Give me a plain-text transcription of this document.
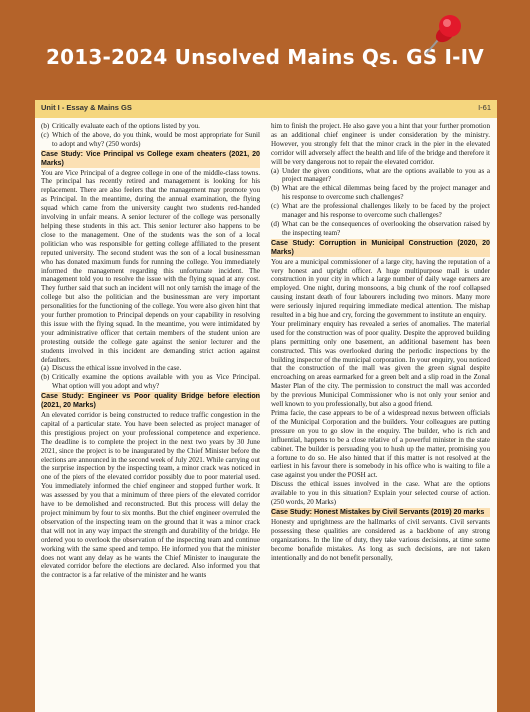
2013-2024 Unsolved Mains Qs. GS I-IV
Unit I - Essay & Mains GS	I-61
(b) Critically evaluate each of the options listed by you.
(c) Which of the above, do you think, would be most appropriate for Sunil to adopt and why? (250 words)
Case Study: Vice Principal vs College exam cheaters (2021, 20 Marks)

You are Vice Principal of a degree college in one of the middle-class towns. The principal has recently retired and management is looking for his replacement. There are also feelers that the management may promote you as Principal. In the meantime, during the annual examination, the flying squad which came from the university caught two students red-handed involving in unfair means. A senior lecturer of the college was personally helping these students in this act. This senior lecturer also happens to be close to the management. One of the students was the son of a local politician who was responsible for getting college affiliated to the present reputed university. The second student was the son of a local businessman who has donated maximum funds for running the college. You immediately informed the management regarding this unfortunate incident. The management told you to resolve the issue with the flying squad at any cost. They further said that such an incident will not only tarnish the image of the college but also the politician and the businessman are very important personalities for the functioning of the college. You were also given hint that your further promotion to Principal depends on your capability in resolving this issue with the flying squad. In the meantime, you were intimidated by your administrative officer that certain members of the student union are protesting outside the college gate against the senior lecturer and the students involved in this incident are demanding strict action against defaulters.

(a) Discuss the ethical issue involved in the case.
(b) Critically examine the options available with you as Vice Principal. What option will you adopt and why?
Case Study: Engineer vs Poor quality Bridge before election (2021, 20 Marks)

An elevated corridor is being constructed to reduce traffic congestion in the capital of a particular state. You have been selected as project manager of this prestigious project on your professional competence and experience. The deadline is to complete the project in the next two years by 30 June 2021, since the project is to be inaugurated by the Chief Minister before the elections are announced in the second week of July 2021. While carrying out the surprise inspection by the inspecting team, a minor crack was noticed in one of the piers of the elevated corridor possibly due to poor material used. You immediately informed the chief engineer and stopped further work. It was assessed by you that a minimum of three piers of the elevated corridor have to be demolished and reconstructed. But this process will delay the project minimum by four to six months. But the chief engineer overruled the observation of the inspecting team on the ground that it was a minor crack that will not in any way impact the strength and durability of the bridge. He ordered you to overlook the observation of the inspecting team and continue working with the same speed and tempo. He informed you that the minister does not want any delay as he wants the Chief Minister to inaugurate the elevated corridor before the elections are declared. Also informed you that the contractor is a far relative of the minister and he wants

him to finish the project. He also gave you a hint that your further promotion as an additional chief engineer is under consideration by the ministry. However, you strongly felt that the minor crack in the pier in the elevated corridor will adversely affect the health and life of the bridge and therefore it will be very dangerous not to repair the elevated corridor.

(a) Under the given conditions, what are the options available to you as a project manager?
(b) What are the ethical dilemmas being faced by the project manager and his response to overcome such challenges?
(c) What are the professional challenges likely to be faced by the project manager and his response to overcome such challenges?
(d) What can be the consequences of overlooking the observation raised by the inspecting team?
Case Study: Corruption in Municipal Construction (2020, 20 Marks)

You are a municipal commissioner of a large city, having the reputation of a very honest and upright officer. A huge multipurpose mall is under construction in your city in which a large number of daily wage earners are employed. One night, during monsoons, a big chunk of the roof collapsed causing instant death of four labourers including two minors. Many more were seriously injured requiring immediate medical attention. The mishap resulted in a big hue and cry, forcing the government to institute an enquiry.

Your preliminary enquiry has revealed a series of anomalies. The material used for the construction was of poor quality. Despite the approved building plans permitting only one basement, an additional basement has been constructed. This was overlooked during the periodic inspections by the building inspector of the municipal corporation. In your enquiry, you noticed that the construction of the mall was given the green signal despite encroaching on areas earmarked for a green belt and a slip road in the Zonal Master Plan of the city. The permission to construct the mall was accorded by the previous Municipal Commissioner who is not only your senior and well known to you professionally, but also a good friend.

Prima facie, the case appears to be of a widespread nexus between officials of the Municipal Corporation and the builders. Your colleagues are putting pressure on you to go slow in the enquiry. The builder, who is rich and influential, happens to be a close relative of a powerful minister in the state cabinet. The builder is persuading you to hush up the matter, promising you a fortune to do so. He also hinted that if this matter is not resolved at the earliest in his favour there is somebody in his office who is waiting to file a case against you under the POSH act.

Discuss the ethical issues involved in the case. What are the options available to you in this situation? Explain your selected course of action. (250 words, 20 Marks)

Case Study: Honest Mistakes by Civil Servants (2019) 20 marks

Honesty and uprightness are the hallmarks of civil servants. Civil servants possessing these qualities are considered as a backbone of any strong organizations. In the line of duty, they take various decisions, at time some become bonafide mistakes. As long as such decisions, are not taken intentionally and do not benefit personally,
